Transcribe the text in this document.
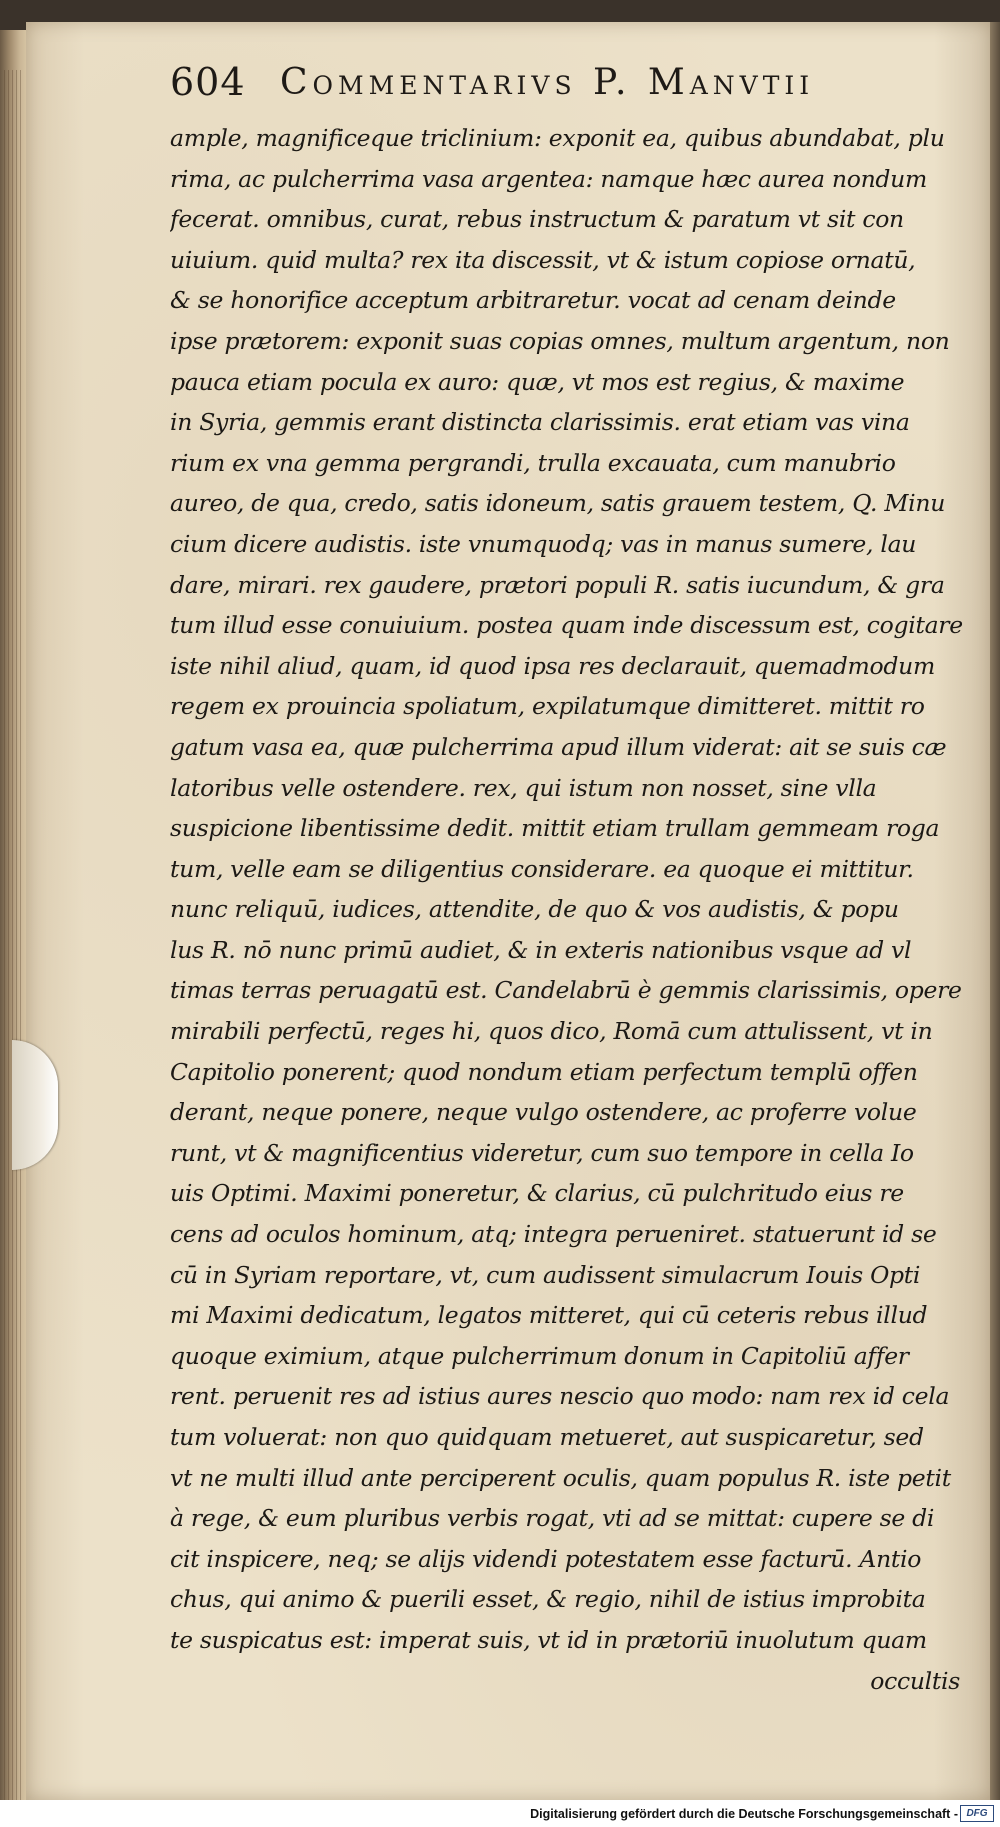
604 Commentarivs P. Manvtii
ample, magnificeque triclinium: exponit ea, quibus abundabat, plu
rima, ac pulcherrima vasa argentea: namque hæc aurea nondum
fecerat. omnibus, curat, rebus instructum & paratum vt sit con
uiuium. quid multa? rex ita discessit, vt & istum copiose ornatū,
& se honorifice acceptum arbitraretur. vocat ad cenam deinde
ipse prætorem: exponit suas copias omnes, multum argentum, non
pauca etiam pocula ex auro: quæ, vt mos est regius, & maxime
in Syria, gemmis erant distincta clarissimis. erat etiam vas vina
rium ex vna gemma pergrandi, trulla excauata, cum manubrio
aureo, de qua, credo, satis idoneum, satis grauem testem, Q. Minu
cium dicere audistis. iste vnumquodq; vas in manus sumere, lau
dare, mirari. rex gaudere, prætori populi R. satis iucundum, & gra
tum illud esse conuiuium. postea quam inde discessum est, cogitare
iste nihil aliud, quam, id quod ipsa res declarauit, quemadmodum
regem ex prouincia spoliatum, expilatumque dimitteret. mittit ro
gatum vasa ea, quæ pulcherrima apud illum viderat: ait se suis cæ
latoribus velle ostendere. rex, qui istum non nosset, sine vlla
suspicione libentissime dedit. mittit etiam trullam gemmeam roga
tum, velle eam se diligentius considerare. ea quoque ei mittitur.
nunc reliquū, iudices, attendite, de quo & vos audistis, & popu
lus R. nō nunc primū audiet, & in exteris nationibus vsque ad vl
timas terras peruagatū est. Candelabrū è gemmis clarissimis, opere
mirabili perfectū, reges hi, quos dico, Romā cum attulissent, vt in
Capitolio ponerent; quod nondum etiam perfectum templū offen
derant, neque ponere, neque vulgo ostendere, ac proferre volue
runt, vt & magnificentius videretur, cum suo tempore in cella Io
uis Optimi. Maximi poneretur, & clarius, cū pulchritudo eius re
cens ad oculos hominum, atq; integra perueniret. statuerunt id se
cū in Syriam reportare, vt, cum audissent simulacrum Iouis Opti
mi Maximi dedicatum, legatos mitteret, qui cū ceteris rebus illud
quoque eximium, atque pulcherrimum donum in Capitoliū affer
rent. peruenit res ad istius aures nescio quo modo: nam rex id cela
tum voluerat: non quo quidquam metueret, aut suspicaretur, sed
vt ne multi illud ante perciperent oculis, quam populus R. iste petit
à rege, & eum pluribus verbis rogat, vti ad se mittat: cupere se di
cit inspicere, neq; se alijs videndi potestatem esse facturū. Antio
chus, qui animo & puerili esset, & regio, nihil de istius improbita
te suspicatus est: imperat suis, vt id in prætoriū inuolutum quam
occultis
Digitalisierung gefördert durch die Deutsche Forschungsgemeinschaft - DFG
